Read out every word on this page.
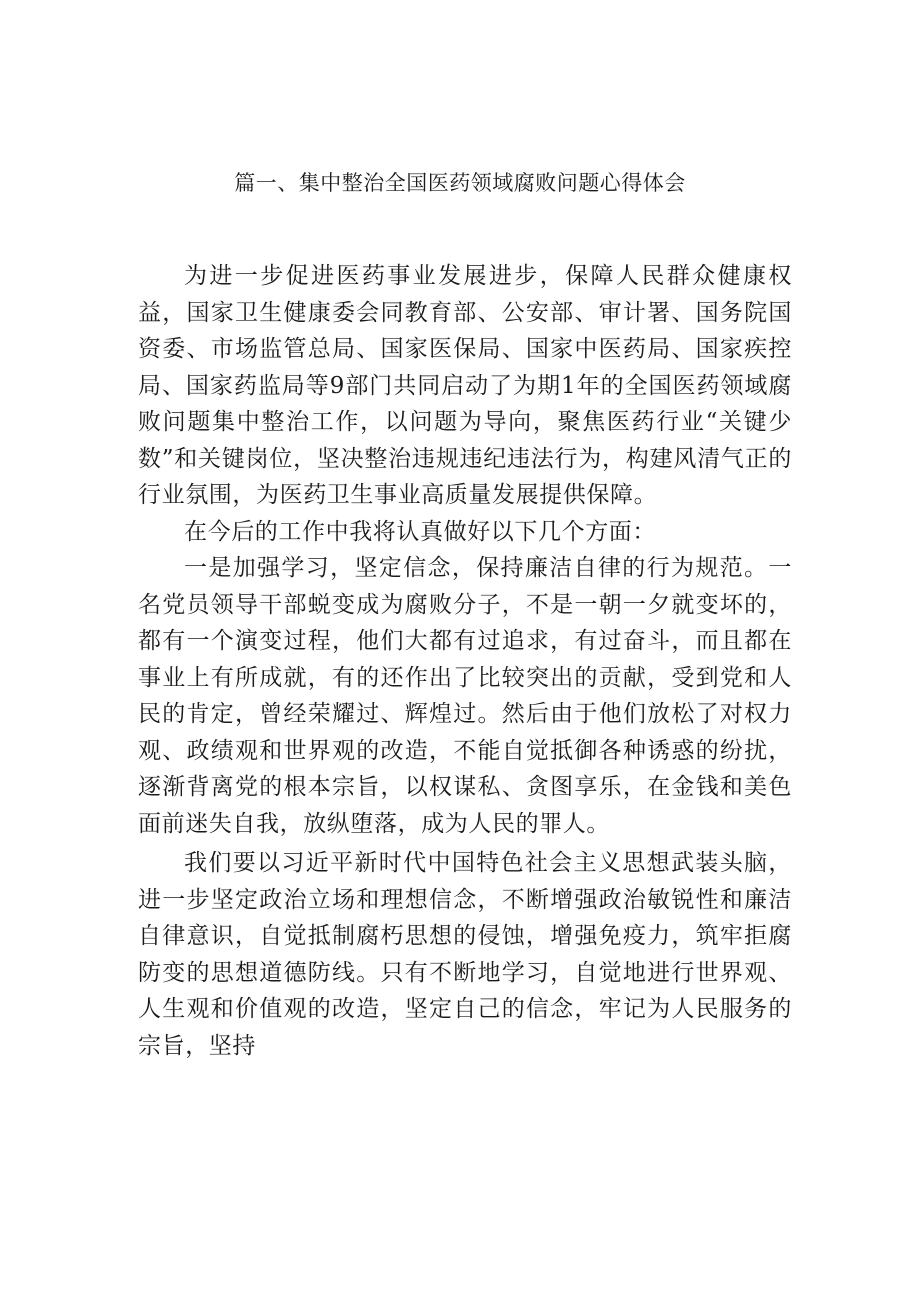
篇一、集中整治全国医药领域腐败问题心得体会

为进一步促进医药事业发展进步，保障人民群众健康权益，国家卫生健康委会同教育部、公安部、审计署、国务院国资委、市场监管总局、国家医保局、国家中医药局、国家疾控局、国家药监局等9部门共同启动了为期1年的全国医药领域腐败问题集中整治工作，以问题为导向，聚焦医药行业“关键少数”和关键岗位，坚决整治违规违纪违法行为，构建风清气正的行业氛围，为医药卫生事业高质量发展提供保障。

在今后的工作中我将认真做好以下几个方面：

一是加强学习，坚定信念，保持廉洁自律的行为规范。一名党员领导干部蜕变成为腐败分子，不是一朝一夕就变坏的，都有一个演变过程，他们大都有过追求，有过奋斗，而且都在事业上有所成就，有的还作出了比较突出的贡献，受到党和人民的肯定，曾经荣耀过、辉煌过。然后由于他们放松了对权力观、政绩观和世界观的改造，不能自觉抵御各种诱惑的纷扰，逐渐背离党的根本宗旨，以权谋私、贪图享乐，在金钱和美色面前迷失自我，放纵堕落，成为人民的罪人。

我们要以习近平新时代中国特色社会主义思想武装头脑，进一步坚定政治立场和理想信念，不断增强政治敏锐性和廉洁自律意识，自觉抵制腐朽思想的侵蚀，增强免疫力，筑牢拒腐防变的思想道德防线。只有不断地学习，自觉地进行世界观、人生观和价值观的改造，坚定自己的信念，牢记为人民服务的宗旨，坚持
